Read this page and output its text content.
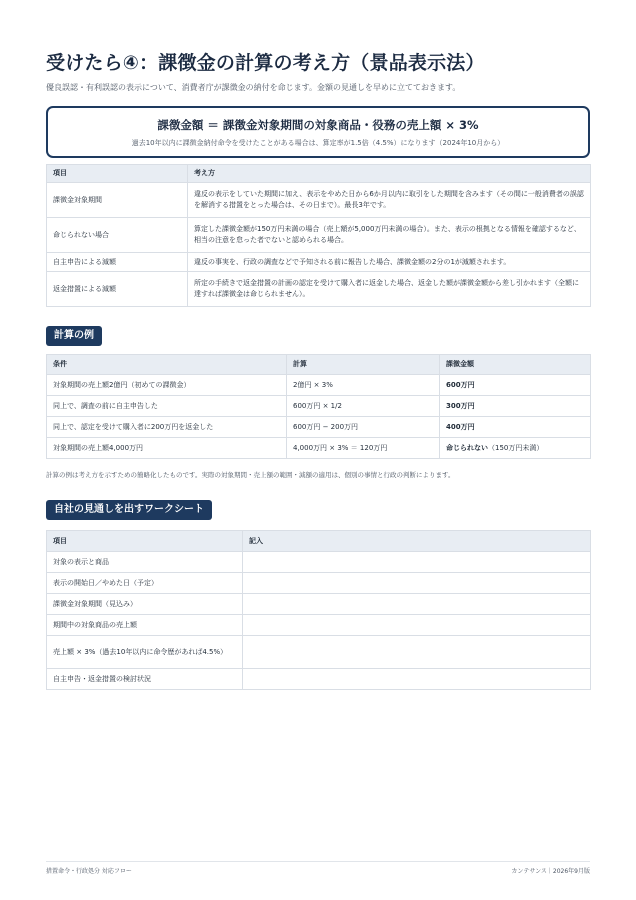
受けたら④：課徴金の計算の考え方（景品表示法）
優良誤認・有利誤認の表示について、消費者庁が課徴金の納付を命じます。金額の見通しを早めに立てておきます。
課徴金額 ＝ 課徴金対象期間の対象商品・役務の売上額 × 3%
過去10年以内に課徴金納付命令を受けたことがある場合は、算定率が1.5倍（4.5%）になります（2024年10月から）
項目	考え方
課徴金対象期間	違反の表示をしていた期間に加え、表示をやめた日から6か月以内に取引をした期間を含みます（その間に一般消費者の誤認を解消する措置をとった場合は、その日まで）。最長3年です。
命じられない場合	算定した課徴金額が150万円未満の場合（売上額が5,000万円未満の場合）。また、表示の根拠となる情報を確認するなど、相当の注意を怠った者でないと認められる場合。
自主申告による減額	違反の事実を、行政の調査などで予知される前に報告した場合、課徴金額の2分の1が減額されます。
返金措置による減額	所定の手続きで返金措置の計画の認定を受けて購入者に返金した場合、返金した額が課徴金額から差し引かれます（全額に達すれば課徴金は命じられません）。
計算の例
条件	計算	課徴金額
対象期間の売上額2億円（初めての課徴金）	2億円 × 3%	600万円
同上で、調査の前に自主申告した	600万円 × 1/2	300万円
同上で、認定を受けて購入者に200万円を返金した	600万円 − 200万円	400万円
対象期間の売上額4,000万円	4,000万円 × 3% ＝ 120万円	命じられない（150万円未満）
計算の例は考え方を示すための簡略化したものです。実際の対象期間・売上額の範囲・減額の適用は、個別の事情と行政の判断によります。
自社の見通しを出すワークシート
項目	記入
対象の表示と商品	
表示の開始日／やめた日（予定）	
課徴金対象期間（見込み）	
期間中の対象商品の売上額	
売上額 × 3%（過去10年以内に命令歴があれば4.5%）	
自主申告・返金措置の検討状況	
措置命令・行政処分 対応フロー	カンテサンス｜2026年9月版
